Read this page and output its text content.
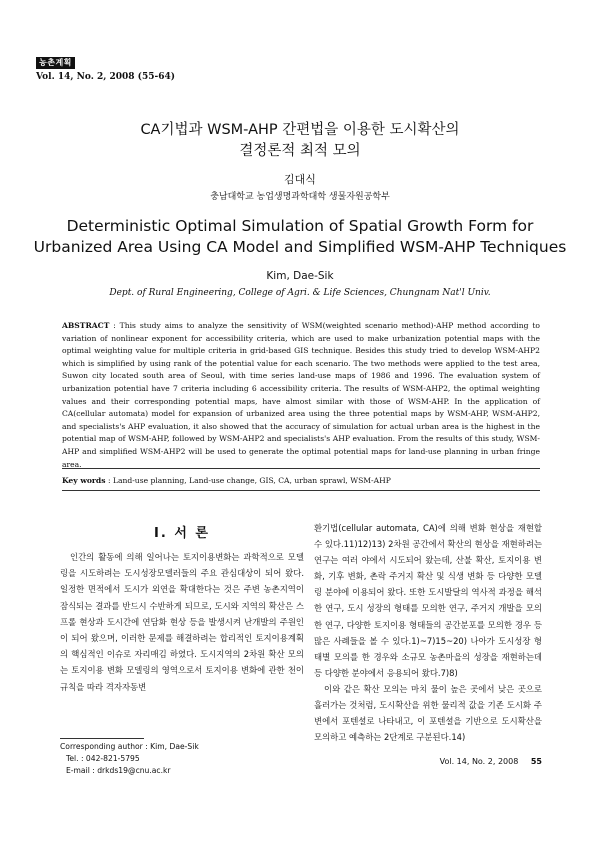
농촌계획
Vol. 14, No. 2, 2008 (55-64)
CA기법과 WSM-AHP 간편법을 이용한 도시확산의
결정론적 최적 모의
김대식
충남대학교 농업생명과학대학 생물자원공학부
Deterministic Optimal Simulation of Spatial Growth Form for
Urbanized Area Using CA Model and Simplified WSM-AHP Techniques
Kim, Dae-Sik
Dept. of Rural Engineering, College of Agri. & Life Sciences, Chungnam Nat'l Univ.
ABSTRACT : This study aims to analyze the sensitivity of WSM(weighted scenario method)-AHP method according to variation of nonlinear exponent for accessibility criteria, which are used to make urbanization potential maps with the optimal weighting value for multiple criteria in grid-based GIS technique. Besides this study tried to develop WSM-AHP2 which is simplified by using rank of the potential value for each scenario. The two methods were applied to the test area, Suwon city located south area of Seoul, with time series land-use maps of 1986 and 1996. The evaluation system of urbanization potential have 7 criteria including 6 accessibility criteria. The results of WSM-AHP2, the optimal weighting values and their corresponding potential maps, have almost similar with those of WSM-AHP. In the application of CA(cellular automata) model for expansion of urbanized area using the three potential maps by WSM-AHP, WSM-AHP2, and specialists's AHP evaluation, it also showed that the accuracy of simulation for actual urban area is the highest in the potential map of WSM-AHP, followed by WSM-AHP2 and specialists's AHP evaluation. From the results of this study, WSM-AHP and simplified WSM-AHP2 will be used to generate the optimal potential maps for land-use planning in urban fringe area.
Key words : Land-use planning, Land-use change, GIS, CA, urban sprawl, WSM-AHP
I. 서 론
인간의 활동에 의해 일어나는 토지이용변화는 과학적으로 모델링을 시도하려는 도시성장모델러들의 주요 관심대상이 되어 왔다. 일정한 면적에서 도시가 외연을 확대한다는 것은 주변 농촌지역이 잠식되는 결과를 반드시 수반하게 되므로, 도시와 지역의 확산은 스프롤 현상과 도시간에 연담화 현상 등을 발생시켜 난개발의 주원인이 되어 왔으며, 이러한 문제를 해결하려는 합리적인 토지이용계획의 핵심적인 이슈로 자리매김 하였다. 도시지역의 2차원 확산 모의는 토지이용 변화 모델링의 영역으로서 토지이용 변화에 관한 천이 규칙을 따라 격자자동변

환기법(cellular automata, CA)에 의해 변화 현상을 재현할 수 있다.11)12)13) 2차원 공간에서 확산의 현상을 재현하려는 연구는 여러 야에서 시도되어 왔는데, 산불 확산, 토지이용 변화, 기후 변화, 촌락 주거지 확산 및 식생 변화 등 다양한 모델링 분야에 이용되어 왔다. 또한 도시발달의 역사적 과정을 해석한 연구, 도시 성장의 형태를 모의한 연구, 주거지 개발을 모의한 연구, 다양한 토지이용 형태들의 공간분포를 모의한 경우 등 많은 사례들을 볼 수 있다.1)~7)15~20) 나아가 도시성장 형태별 모의를 한 경우와 소규모 농촌마을의 성장을 재현하는데 등 다양한 분야에서 응용되어 왔다.7)8)

이와 같은 확산 모의는 마치 물이 높은 곳에서 낮은 곳으로 흘러가는 것처럼, 도시확산을 위한 물리적 값을 기존 도시화 주변에서 포텐셜로 나타내고, 이 포텐셜을 기반으로 도시확산을 모의하고 예측하는 2단계로 구분된다.14)

Corresponding author : Kim, Dae-Sik
Tel. : 042-821-5795
E-mail : drkds19@cnu.ac.kr
Vol. 14, No. 2, 2008 55
